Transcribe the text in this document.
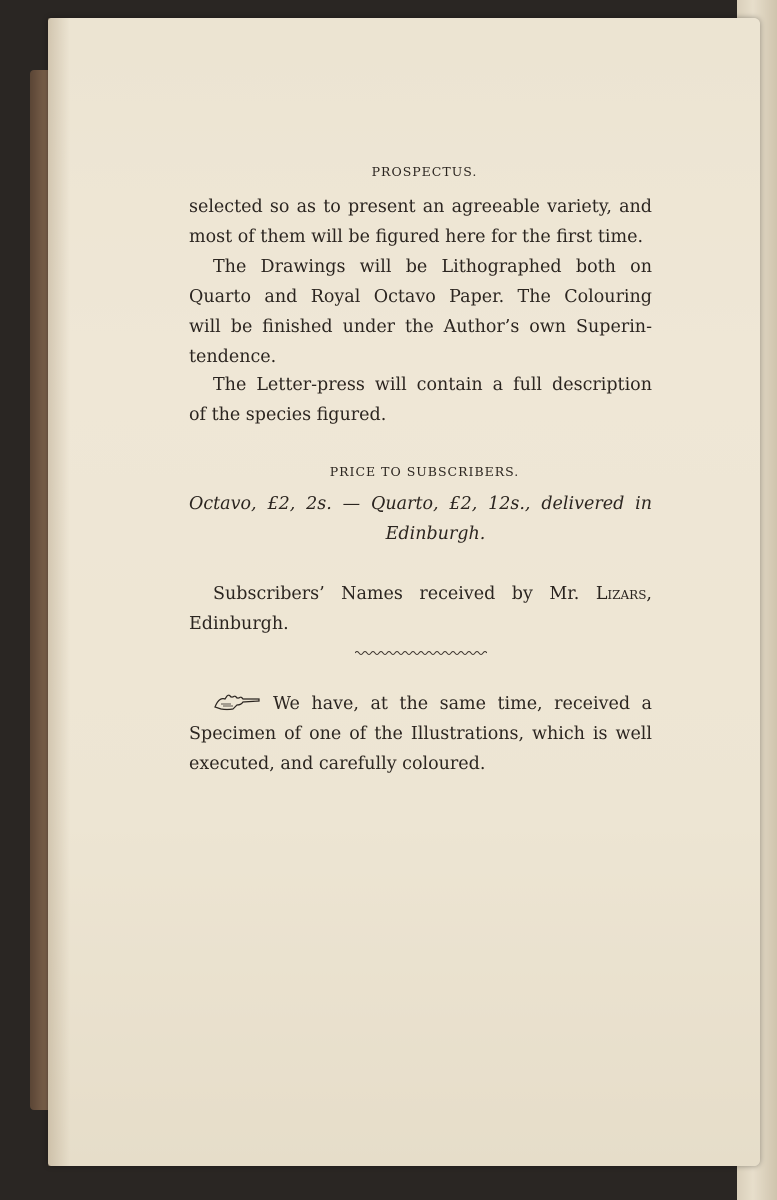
PROSPECTUS.

selected so as to present an agreeable variety, and
most of them will be figured here for the first time.

The Drawings will be Lithographed both on
Quarto and Royal Octavo Paper. The Colouring
will be finished under the Author’s own Superin-
tendence.

The Letter-press will contain a full description
of the species figured.

PRICE TO SUBSCRIBERS.
Octavo, £2, 2s. — Quarto, £2, 12s., delivered in
Edinburgh.

Subscribers’ Names received by Mr. Lizars,
Edinburgh.

We have, at the same time, received a
Specimen of one of the Illustrations, which is well
executed, and carefully coloured.
